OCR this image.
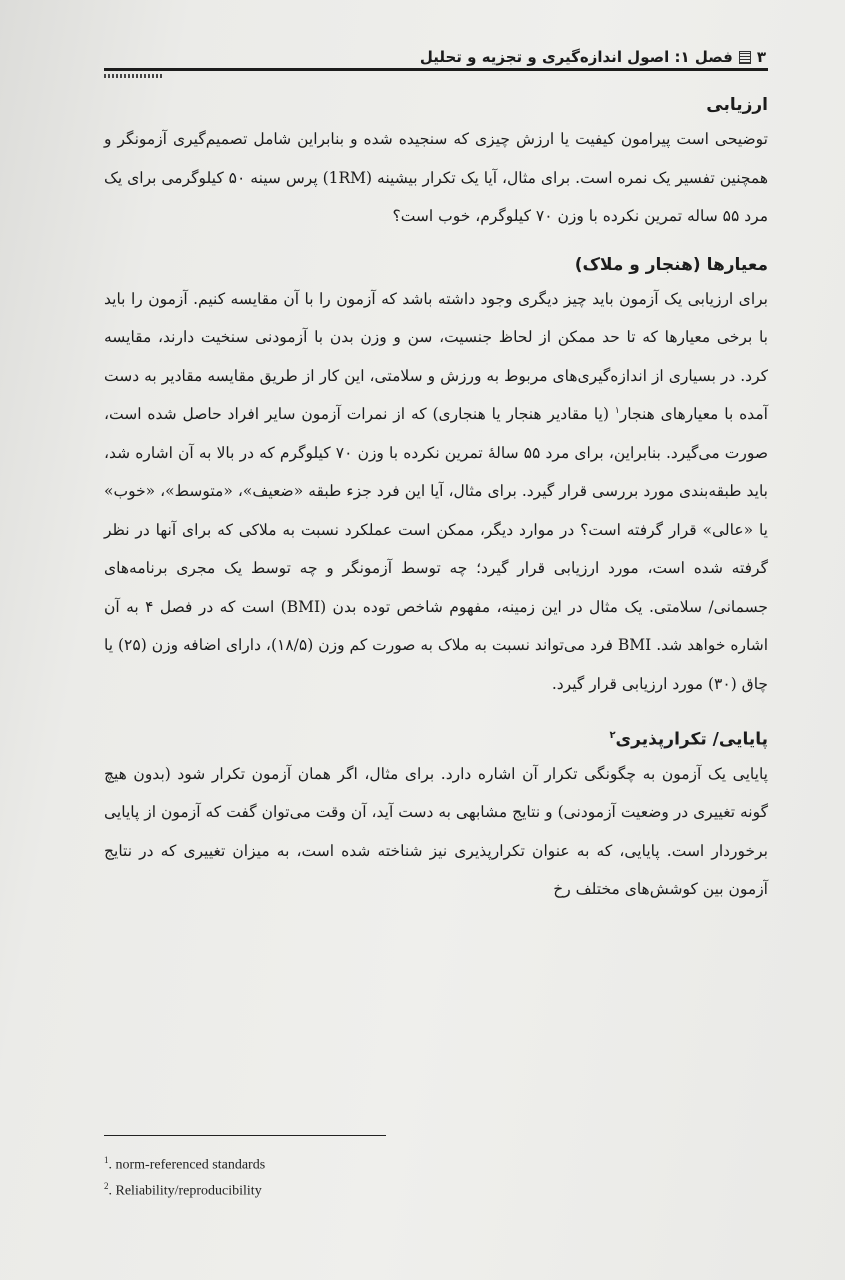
۳
فصل ۱: اصول اندازه‌گیری و تجزیه و تحلیل
ارزیابی

توضیحی است پیرامون کیفیت یا ارزش چیزی که سنجیده شده و بنابراین شامل تصمیم‌گیری آزمونگر و همچنین تفسیر یک نمره است. برای مثال، آیا یک تکرار بیشینه (1RM) پرس سینه ۵۰ کیلوگرمی برای یک مرد ۵۵ ساله تمرین نکرده با وزن ۷۰ کیلوگرم، خوب است؟

معیارها (هنجار و ملاک)

برای ارزیابی یک آزمون باید چیز دیگری وجود داشته باشد که آزمون را با آن مقایسه کنیم. آزمون را باید با برخی معیارها که تا حد ممکن از لحاظ جنسیت، سن و وزن بدن با آزمودنی سنخیت دارند، مقایسه کرد. در بسیاری از اندازه‌گیری‌های مربوط به ورزش و سلامتی، این کار از طریق مقایسه مقادیر به دست آمده با معیارهای هنجار$^۱$ (یا مقادیر هنجار یا هنجاری) که از نمرات آزمون سایر افراد حاصل شده است، صورت می‌گیرد. بنابراین، برای مرد ۵۵ سالهٔ تمرین نکرده با وزن ۷۰ کیلوگرم که در بالا به آن اشاره شد، باید طبقه‌بندی مورد بررسی قرار گیرد. برای مثال، آیا این فرد جزء طبقه «ضعیف»، «متوسط»، «خوب» یا «عالی» قرار گرفته است؟ در موارد دیگر، ممکن است عملکرد نسبت به ملاکی که برای آنها در نظر گرفته شده است، مورد ارزیابی قرار گیرد؛ چه توسط آزمونگر و چه توسط یک مجری برنامه‌های جسمانی/ سلامتی. یک مثال در این زمینه، مفهوم شاخص توده بدن (BMI) است که در فصل ۴ به آن اشاره خواهد شد. BMI فرد می‌تواند نسبت به ملاک به صورت کم وزن (۱۸/۵)، دارای اضافه وزن (۲۵) یا چاق (۳۰) مورد ارزیابی قرار گیرد.

پایایی/ تکرارپذیری$^۲$

پایایی یک آزمون به چگونگی تکرار آن اشاره دارد. برای مثال، اگر همان آزمون تکرار شود (بدون هیچ گونه تغییری در وضعیت آزمودنی) و نتایج مشابهی به دست آید، آن وقت می‌توان گفت که آزمون از پایایی برخوردار است. پایایی، که به عنوان تکرارپذیری نیز شناخته شده است، به میزان تغییری که در نتایج آزمون بین کوشش‌های مختلف رخ

$^1$. norm-referenced standards
$^2$. Reliability/reproducibility
